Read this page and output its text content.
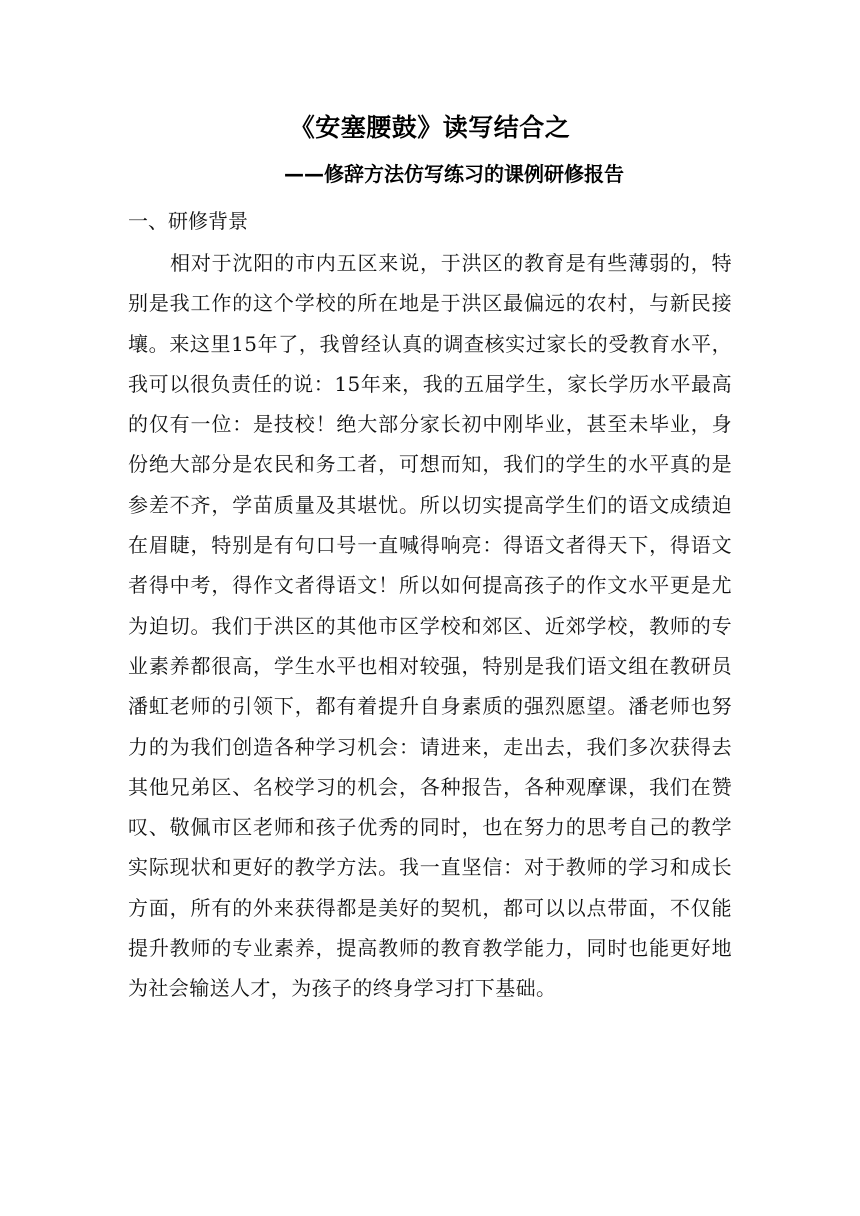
《安塞腰鼓》读写结合之
——修辞方法仿写练习的课例研修报告
一、研修背景

相对于沈阳的市内五区来说，于洪区的教育是有些薄弱的，特别是我工作的这个学校的所在地是于洪区最偏远的农村，与新民接壤。来这里15年了，我曾经认真的调查核实过家长的受教育水平，我可以很负责任的说：15年来，我的五届学生，家长学历水平最高的仅有一位：是技校！绝大部分家长初中刚毕业，甚至未毕业，身份绝大部分是农民和务工者，可想而知，我们的学生的水平真的是参差不齐，学苗质量及其堪忧。所以切实提高学生们的语文成绩迫在眉睫，特别是有句口号一直喊得响亮：得语文者得天下，得语文者得中考，得作文者得语文！所以如何提高孩子的作文水平更是尤为迫切。我们于洪区的其他市区学校和郊区、近郊学校，教师的专业素养都很高，学生水平也相对较强，特别是我们语文组在教研员潘虹老师的引领下，都有着提升自身素质的强烈愿望。潘老师也努力的为我们创造各种学习机会：请进来，走出去，我们多次获得去其他兄弟区、名校学习的机会，各种报告，各种观摩课，我们在赞叹、敬佩市区老师和孩子优秀的同时，也在努力的思考自己的教学实际现状和更好的教学方法。我一直坚信：对于教师的学习和成长方面，所有的外来获得都是美好的契机，都可以以点带面，不仅能提升教师的专业素养，提高教师的教育教学能力，同时也能更好地为社会输送人才，为孩子的终身学习打下基础。
